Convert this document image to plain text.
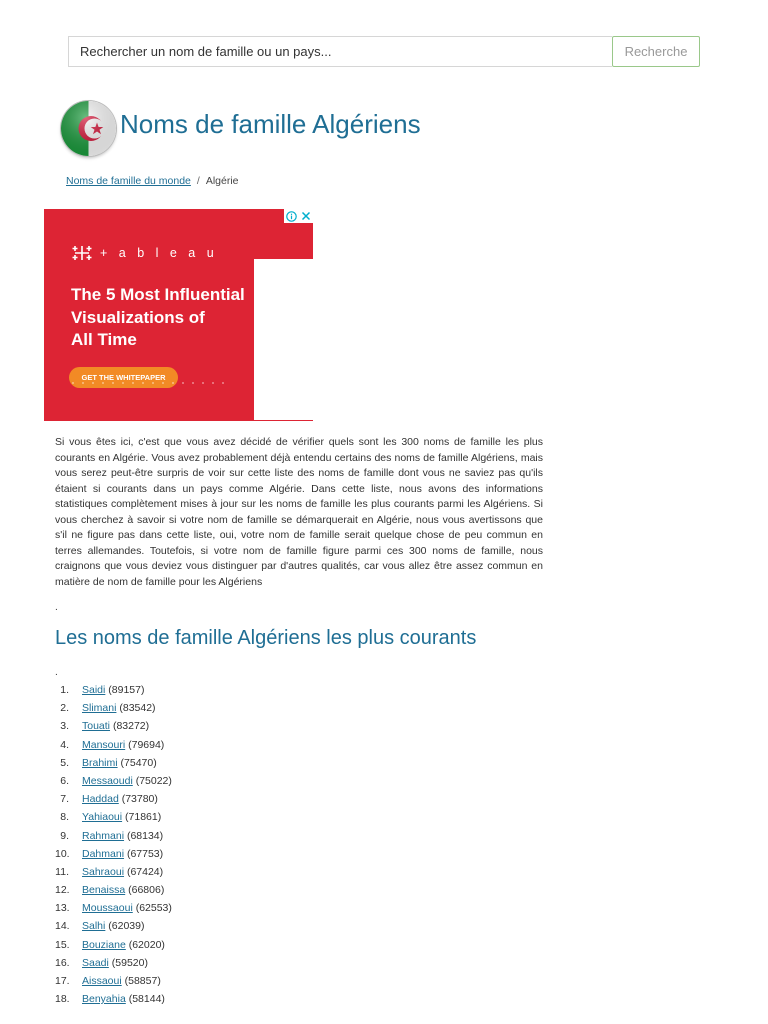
Rechercher un nom de famille ou un pays...
Recherche
Noms de famille Algériens
Noms de famille du monde / Algérie
+ a b l e a u

The 5 Most Influential
Visualizations of
All Time

GET THE WHITEPAPER

Si vous êtes ici, c'est que vous avez décidé de vérifier quels sont les 300 noms de famille les plus courants en Algérie. Vous avez probablement déjà entendu certains des noms de famille Algériens, mais vous serez peut-être surpris de voir sur cette liste des noms de famille dont vous ne saviez pas qu'ils étaient si courants dans un pays comme Algérie. Dans cette liste, nous avons des informations statistiques complètement mises à jour sur les noms de famille les plus courants parmi les Algériens. Si vous cherchez à savoir si votre nom de famille se démarquerait en Algérie, nous vous avertissons que s'il ne figure pas dans cette liste, oui, votre nom de famille serait quelque chose de peu commun en terres allemandes. Toutefois, si votre nom de famille figure parmi ces 300 noms de famille, nous craignons que vous deviez vous distinguer par d'autres qualités, car vous allez être assez commun en matière de nom de famille pour les Algériens

.
Les noms de famille Algériens les plus courants
.
1. Saidi (89157)
2. Slimani (83542)
3. Touati (83272)
4. Mansouri (79694)
5. Brahimi (75470)
6. Messaoudi (75022)
7. Haddad (73780)
8. Yahiaoui (71861)
9. Rahmani (68134)
10. Dahmani (67753)
11. Sahraoui (67424)
12. Benaissa (66806)
13. Moussaoui (62553)
14. Salhi (62039)
15. Bouziane (62020)
16. Saadi (59520)
17. Aissaoui (58857)
18. Benyahia (58144)
